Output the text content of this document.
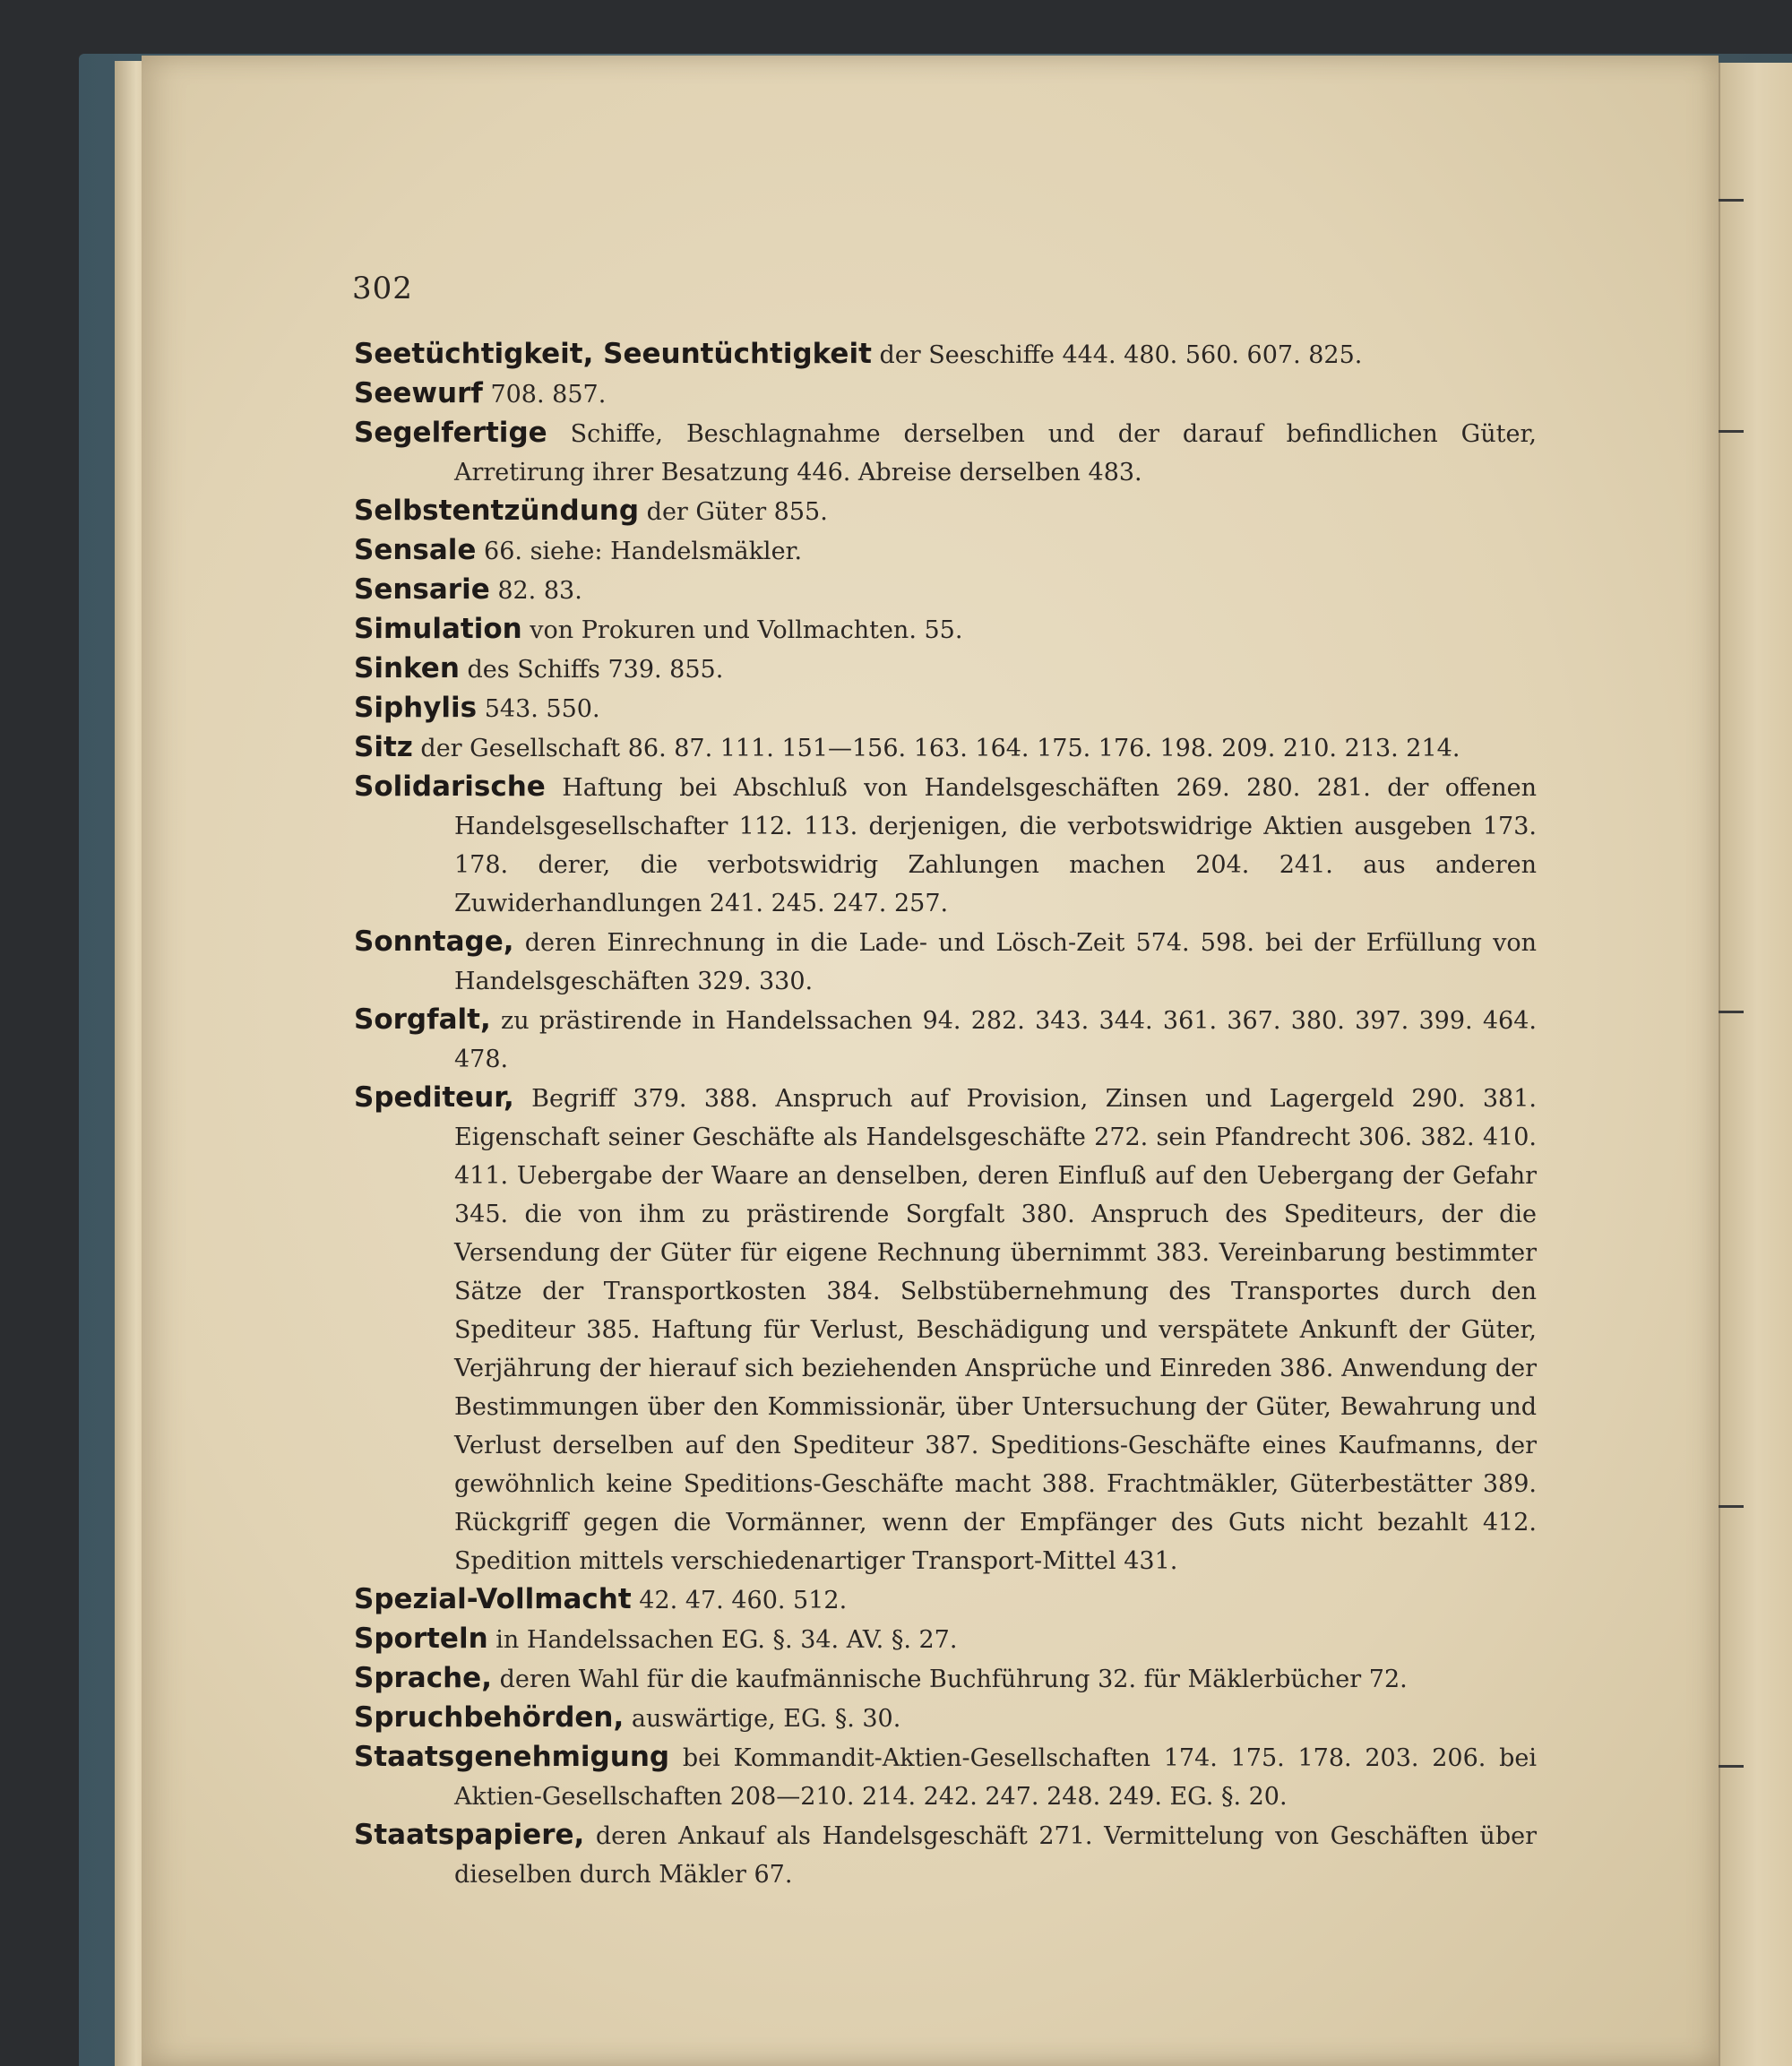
302

Seetüchtigkeit, Seeuntüchtigkeit der Seeschiffe 444. 480. 560. 607. 825.

Seewurf 708. 857.

Segelfertige Schiffe, Beschlagnahme derselben und der darauf befindlichen Güter, Arretirung ihrer Besatzung 446. Abreise derselben 483.

Selbstentzündung der Güter 855.

Sensale 66. siehe: Handelsmäkler.

Sensarie 82. 83.

Simulation von Prokuren und Vollmachten. 55.

Sinken des Schiffs 739. 855.

Siphylis 543. 550.

Sitz der Gesellschaft 86. 87. 111. 151—156. 163. 164. 175. 176. 198. 209. 210. 213. 214.

Solidarische Haftung bei Abschluß von Handelsgeschäften 269. 280. 281. der offenen Handelsgesellschafter 112. 113. derjenigen, die verbotswidrige Aktien ausgeben 173. 178. derer, die verbotswidrig Zahlungen machen 204. 241. aus anderen Zuwiderhandlungen 241. 245. 247. 257.

Sonntage, deren Einrechnung in die Lade- und Lösch-Zeit 574. 598. bei der Erfüllung von Handelsgeschäften 329. 330.

Sorgfalt, zu prästirende in Handelssachen 94. 282. 343. 344. 361. 367. 380. 397. 399. 464. 478.

Spediteur, Begriff 379. 388. Anspruch auf Provision, Zinsen und Lagergeld 290. 381. Eigenschaft seiner Geschäfte als Handelsgeschäfte 272. sein Pfandrecht 306. 382. 410. 411. Uebergabe der Waare an denselben, deren Einfluß auf den Uebergang der Gefahr 345. die von ihm zu prästirende Sorgfalt 380. Anspruch des Spediteurs, der die Versendung der Güter für eigene Rechnung übernimmt 383. Vereinbarung bestimmter Sätze der Transportkosten 384. Selbstübernehmung des Transportes durch den Spediteur 385. Haftung für Verlust, Beschädigung und verspätete Ankunft der Güter, Verjährung der hierauf sich beziehenden Ansprüche und Einreden 386. Anwendung der Bestimmungen über den Kommissionär, über Untersuchung der Güter, Bewahrung und Verlust derselben auf den Spediteur 387. Speditions-Geschäfte eines Kaufmanns, der gewöhnlich keine Speditions-Geschäfte macht 388. Frachtmäkler, Güterbestätter 389. Rückgriff gegen die Vormänner, wenn der Empfänger des Guts nicht bezahlt 412. Spedition mittels verschiedenartiger Transport-Mittel 431.

Spezial-Vollmacht 42. 47. 460. 512.

Sporteln in Handelssachen EG. §. 34. AV. §. 27.

Sprache, deren Wahl für die kaufmännische Buchführung 32. für Mäklerbücher 72.

Spruchbehörden, auswärtige, EG. §. 30.

Staatsgenehmigung bei Kommandit-Aktien-Gesellschaften 174. 175. 178. 203. 206. bei Aktien-Gesellschaften 208—210. 214. 242. 247. 248. 249. EG. §. 20.

Staatspapiere, deren Ankauf als Handelsgeschäft 271. Vermittelung von Geschäften über dieselben durch Mäkler 67.
